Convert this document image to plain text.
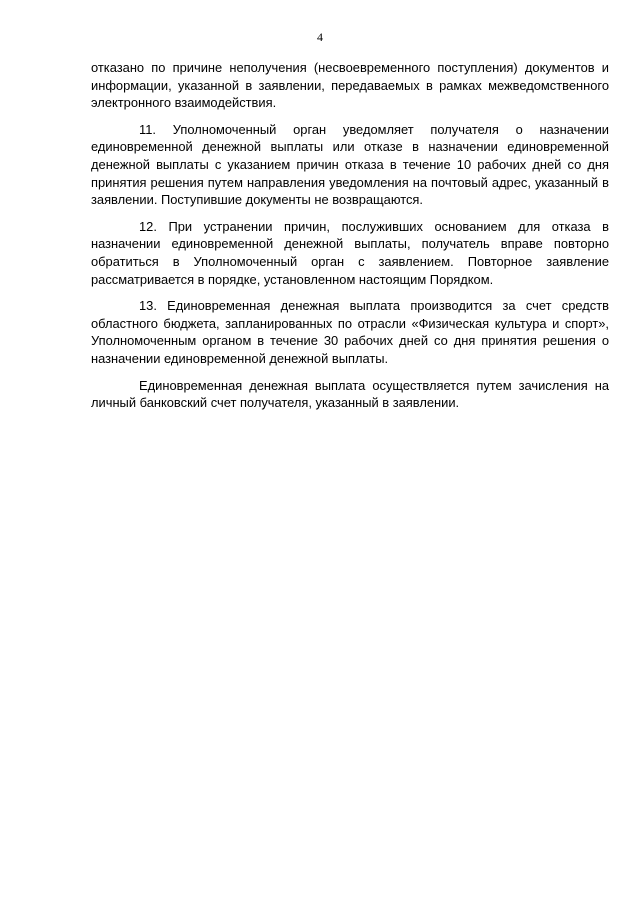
4

отказано по причине неполучения (несвоевременного поступления) документов и информации, указанной в заявлении, передаваемых в рамках межведомственного электронного взаимодействия.

11. Уполномоченный орган уведомляет получателя о назначении единовременной денежной выплаты или отказе в назначении единовременной денежной выплаты с указанием причин отказа в течение 10 рабочих дней со дня принятия решения путем направления уведомления на почтовый адрес, указанный в заявлении. Поступившие документы не возвращаются.

12. При устранении причин, послуживших основанием для отказа в назначении единовременной денежной выплаты, получатель вправе повторно обратиться в Уполномоченный орган с заявлением. Повторное заявление рассматривается в порядке, установленном настоящим Порядком.

13. Единовременная денежная выплата производится за счет средств областного бюджета, запланированных по отрасли «Физическая культура и спорт», Уполномоченным органом в течение 30 рабочих дней со дня принятия решения о назначении единовременной денежной выплаты.

Единовременная денежная выплата осуществляется путем зачисления на личный банковский счет получателя, указанный в заявлении.
